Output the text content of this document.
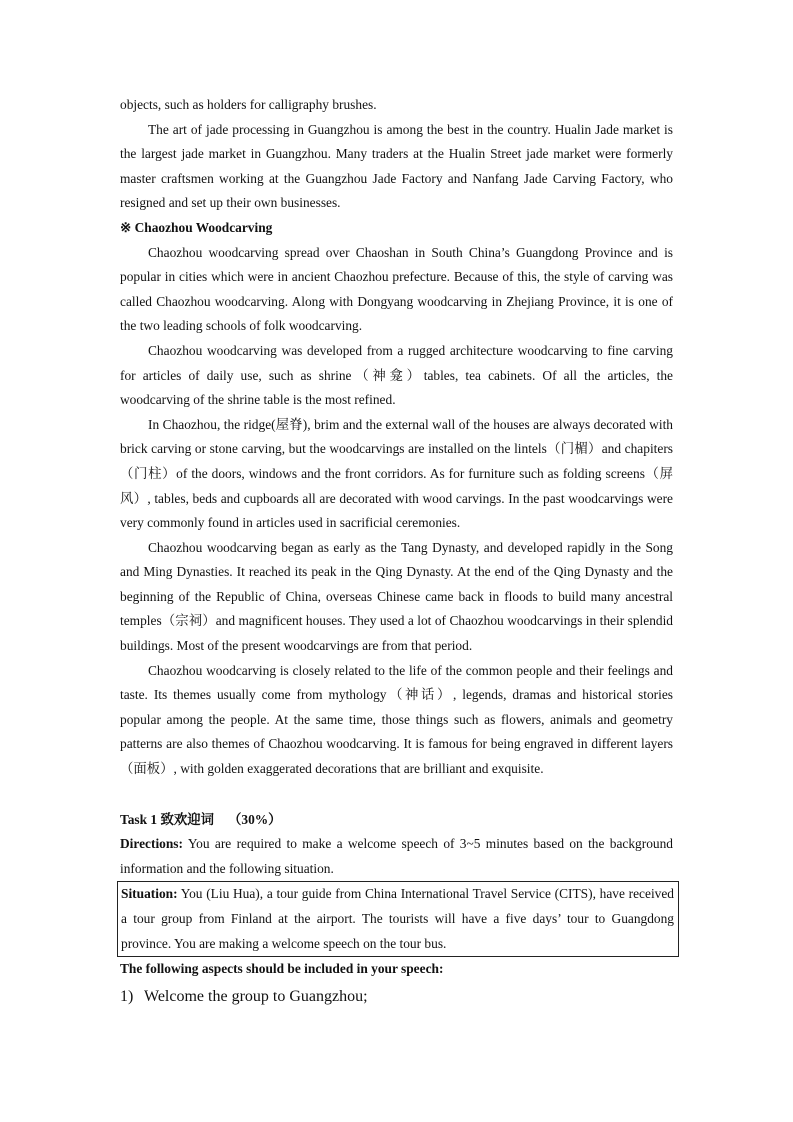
objects, such as holders for calligraphy brushes.

The art of jade processing in Guangzhou is among the best in the country. Hualin Jade market is the largest jade market in Guangzhou. Many traders at the Hualin Street jade market were formerly master craftsmen working at the Guangzhou Jade Factory and Nanfang Jade Carving Factory, who resigned and set up their own businesses.

※ Chaozhou Woodcarving

Chaozhou woodcarving spread over Chaoshan in South China’s Guangdong Province and is popular in cities which were in ancient Chaozhou prefecture. Because of this, the style of carving was called Chaozhou woodcarving. Along with Dongyang woodcarving in Zhejiang Province, it is one of the two leading schools of folk woodcarving.

Chaozhou woodcarving was developed from a rugged architecture woodcarving to fine carving for articles of daily use, such as shrine（神龛）tables, tea cabinets. Of all the articles, the woodcarving of the shrine table is the most refined.

In Chaozhou, the ridge(屋脊), brim and the external wall of the houses are always decorated with brick carving or stone carving, but the woodcarvings are installed on the lintels（门楣）and chapiters（门柱）of the doors, windows and the front corridors. As for furniture such as folding screens（屏风）, tables, beds and cupboards all are decorated with wood carvings. In the past woodcarvings were very commonly found in articles used in sacrificial ceremonies.

Chaozhou woodcarving began as early as the Tang Dynasty, and developed rapidly in the Song and Ming Dynasties. It reached its peak in the Qing Dynasty. At the end of the Qing Dynasty and the beginning of the Republic of China, overseas Chinese came back in floods to build many ancestral temples（宗祠）and magnificent houses. They used a lot of Chaozhou woodcarvings in their splendid buildings. Most of the present woodcarvings are from that period.

Chaozhou woodcarving is closely related to the life of the common people and their feelings and taste. Its themes usually come from mythology（神话）, legends, dramas and historical stories popular among the people. At the same time, those things such as flowers, animals and geometry patterns are also themes of Chaozhou woodcarving. It is famous for being engraved in different layers（面板）, with golden exaggerated decorations that are brilliant and exquisite.

Task 1 致欢迎词 （30%）

Directions: You are required to make a welcome speech of 3~5 minutes based on the background information and the following situation.

Situation: You (Liu Hua), a tour guide from China International Travel Service (CITS), have received a tour group from Finland at the airport. The tourists will have a five days’ tour to Guangdong province. You are making a welcome speech on the tour bus.
The following aspects should be included in your speech:
1) Welcome the group to Guangzhou;
